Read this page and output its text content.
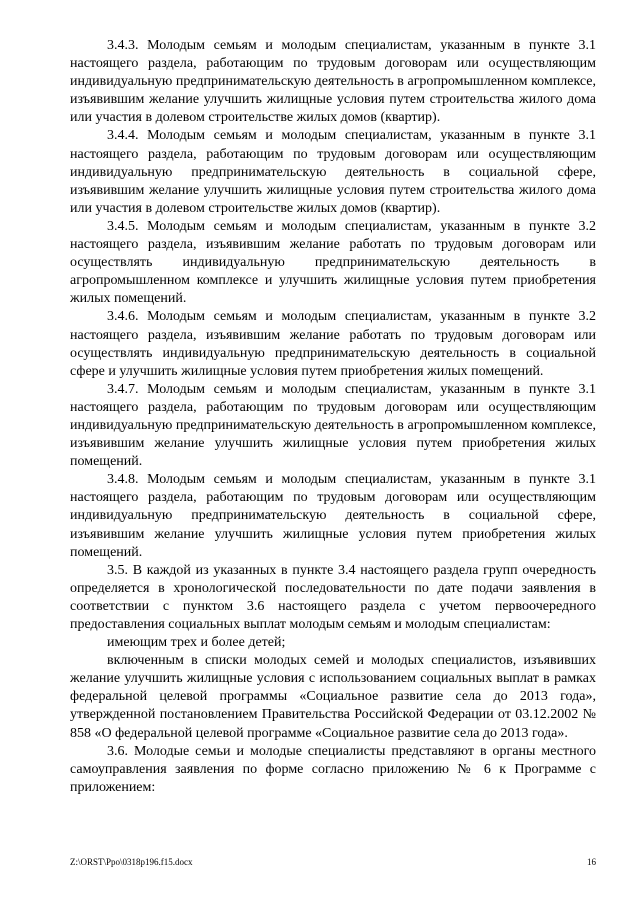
3.4.3. Молодым семьям и молодым специалистам, указанным в пункте 3.1 настоящего раздела, работающим по трудовым договорам или осуществляющим индивидуальную предпринимательскую деятельность в агропромышленном комплексе, изъявившим желание улучшить жилищные условия путем строительства жилого дома или участия в долевом строительстве жилых домов (квартир).

3.4.4. Молодым семьям и молодым специалистам, указанным в пункте 3.1 настоящего раздела, работающим по трудовым договорам или осуществляющим индивидуальную предпринимательскую деятельность в социальной сфере, изъявившим желание улучшить жилищные условия путем строительства жилого дома или участия в долевом строительстве жилых домов (квартир).

3.4.5. Молодым семьям и молодым специалистам, указанным в пункте 3.2 настоящего раздела, изъявившим желание работать по трудовым договорам или осуществлять индивидуальную предпринимательскую деятельность в агропромышленном комплексе и улучшить жилищные условия путем приобретения жилых помещений.

3.4.6. Молодым семьям и молодым специалистам, указанным в пункте 3.2 настоящего раздела, изъявившим желание работать по трудовым договорам или осуществлять индивидуальную предпринимательскую деятельность в социальной сфере и улучшить жилищные условия путем приобретения жилых помещений.

3.4.7. Молодым семьям и молодым специалистам, указанным в пункте 3.1 настоящего раздела, работающим по трудовым договорам или осуществляющим индивидуальную предпринимательскую деятельность в агропромышленном комплексе, изъявившим желание улучшить жилищные условия путем приобретения жилых помещений.

3.4.8. Молодым семьям и молодым специалистам, указанным в пункте 3.1 настоящего раздела, работающим по трудовым договорам или осуществляющим индивидуальную предпринимательскую деятельность в социальной сфере, изъявившим желание улучшить жилищные условия путем приобретения жилых помещений.

3.5. В каждой из указанных в пункте 3.4 настоящего раздела групп очередность определяется в хронологической последовательности по дате подачи заявления в соответствии с пунктом 3.6 настоящего раздела с учетом первоочередного предоставления социальных выплат молодым семьям и молодым специалистам:

имеющим трех и более детей;

включенным в списки молодых семей и молодых специалистов, изъявивших желание улучшить жилищные условия с использованием социальных выплат в рамках федеральной целевой программы «Социальное развитие села до 2013 года», утвержденной постановлением Правительства Российской Федерации от 03.12.2002 № 858 «О федеральной целевой программе «Социальное развитие села до 2013 года».

3.6. Молодые семьи и молодые специалисты представляют в органы местного самоуправления заявления по форме согласно приложению № 6 к Программе с приложением:

Z:\ORST\Ppo\0318p196.f15.docx	16
